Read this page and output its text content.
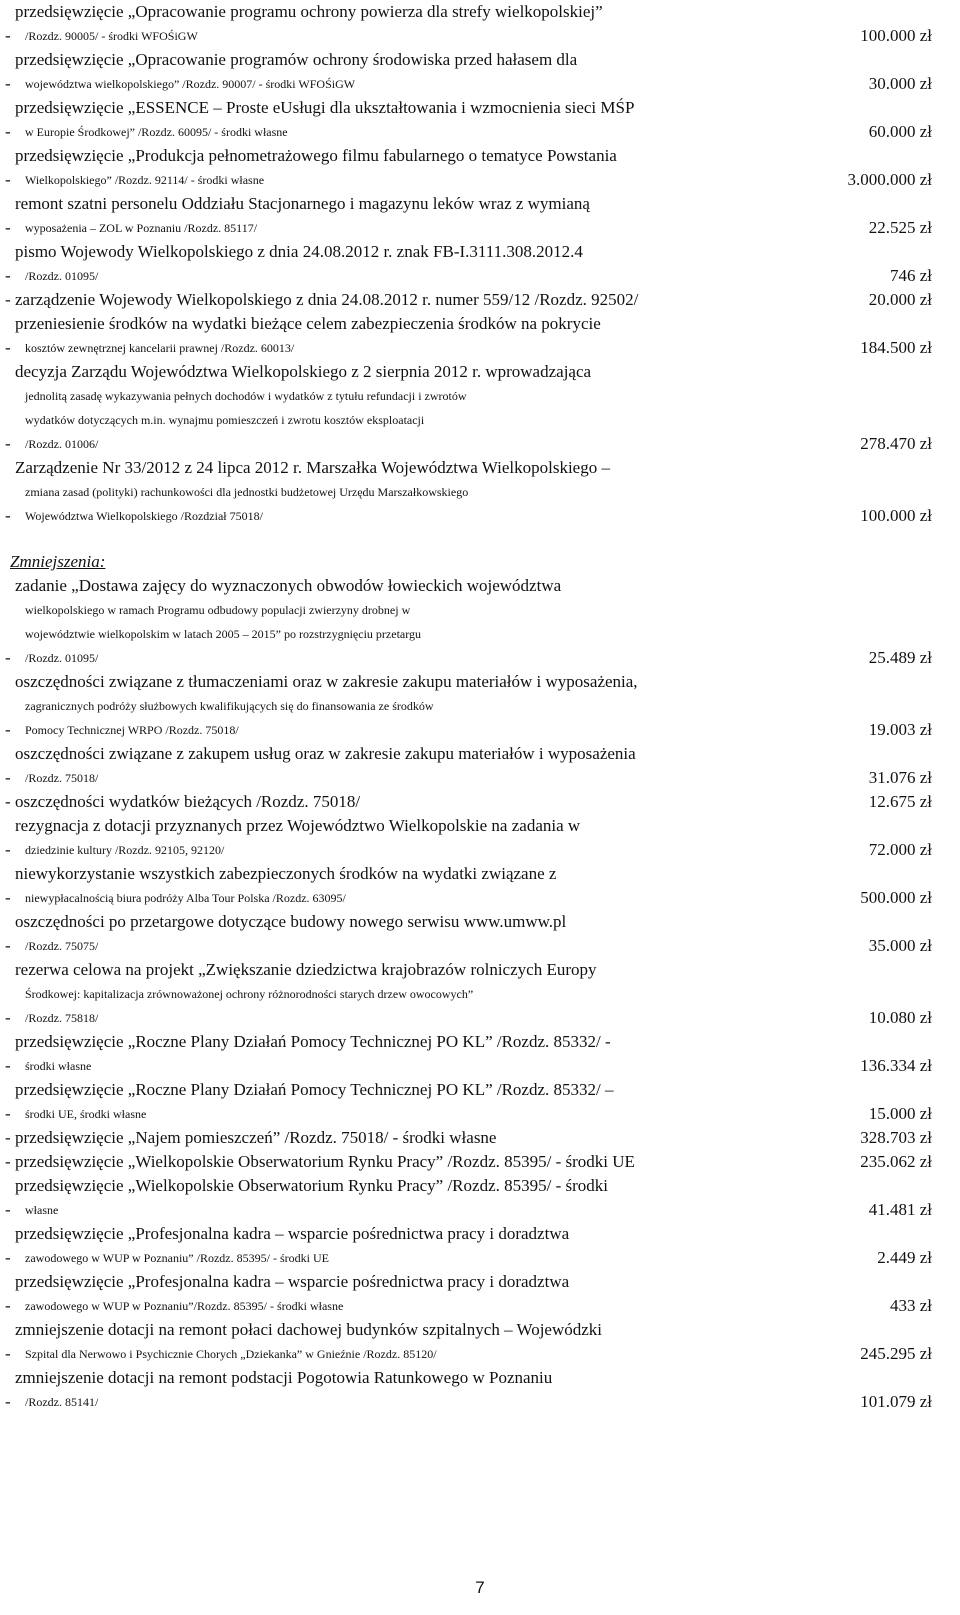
-
przedsięwzięcie „Opracowanie programu ochrony powierza dla strefy wielkopolskiej”
/Rozdz. 90005/ - środki WFOŚiGW	100.000 zł
-
przedsięwzięcie „Opracowanie programów ochrony środowiska przed hałasem dla
województwa wielkopolskiego” /Rozdz. 90007/ - środki WFOŚiGW	30.000 zł
-
przedsięwzięcie „ESSENCE – Proste eUsługi dla ukształtowania i wzmocnienia sieci MŚP
w Europie Środkowej” /Rozdz. 60095/ - środki własne	60.000 zł
-
przedsięwzięcie „Produkcja pełnometrażowego filmu fabularnego o tematyce Powstania
Wielkopolskiego” /Rozdz. 92114/ - środki własne	3.000.000 zł
-
remont szatni personelu Oddziału Stacjonarnego i magazynu leków wraz z wymianą
wyposażenia – ZOL w Poznaniu /Rozdz. 85117/	22.525 zł
-
pismo Wojewody Wielkopolskiego z dnia 24.08.2012 r. znak FB-I.3111.308.2012.4
/Rozdz. 01095/	746 zł
- zarządzenie Wojewody Wielkopolskiego z dnia 24.08.2012 r. numer 559/12 /Rozdz. 92502/	20.000 zł
-
przeniesienie środków na wydatki bieżące celem zabezpieczenia środków na pokrycie
kosztów zewnętrznej kancelarii prawnej /Rozdz. 60013/	184.500 zł
-
decyzja Zarządu Województwa Wielkopolskiego z 2 sierpnia 2012 r. wprowadzająca
jednolitą zasadę wykazywania pełnych dochodów i wydatków z tytułu refundacji i zwrotów
wydatków dotyczących m.in. wynajmu pomieszczeń i zwrotu kosztów eksploatacji
/Rozdz. 01006/	278.470 zł
-
Zarządzenie Nr 33/2012 z 24 lipca 2012 r. Marszałka Województwa Wielkopolskiego –
zmiana zasad (polityki) rachunkowości dla jednostki budżetowej Urzędu Marszałkowskiego
Województwa Wielkopolskiego /Rozdział 75018/	100.000 zł
Zmniejszenia:
-
zadanie „Dostawa zajęcy do wyznaczonych obwodów łowieckich województwa
wielkopolskiego w ramach Programu odbudowy populacji zwierzyny drobnej w
województwie wielkopolskim w latach 2005 – 2015” po rozstrzygnięciu przetargu
/Rozdz. 01095/	25.489 zł
-
oszczędności związane z tłumaczeniami oraz w zakresie zakupu materiałów i wyposażenia,
zagranicznych podróży służbowych kwalifikujących się do finansowania ze środków
Pomocy Technicznej WRPO /Rozdz. 75018/	19.003 zł
-
oszczędności związane z zakupem usług oraz w zakresie zakupu materiałów i wyposażenia
/Rozdz. 75018/	31.076 zł
- oszczędności wydatków bieżących /Rozdz. 75018/	12.675 zł
-
rezygnacja z dotacji przyznanych przez Województwo Wielkopolskie na zadania w
dziedzinie kultury /Rozdz. 92105, 92120/	72.000 zł
-
niewykorzystanie wszystkich zabezpieczonych środków na wydatki związane z
niewypłacalnością biura podróży Alba Tour Polska /Rozdz. 63095/	500.000 zł
-
oszczędności po przetargowe dotyczące budowy nowego serwisu www.umww.pl
/Rozdz. 75075/	35.000 zł
-
rezerwa celowa na projekt „Zwiększanie dziedzictwa krajobrazów rolniczych Europy
Środkowej: kapitalizacja zrównoważonej ochrony różnorodności starych drzew owocowych”
/Rozdz. 75818/	10.080 zł
-
przedsięwzięcie „Roczne Plany Działań Pomocy Technicznej PO KL” /Rozdz. 85332/ -
środki własne	136.334 zł
-
przedsięwzięcie „Roczne Plany Działań Pomocy Technicznej PO KL” /Rozdz. 85332/ –
środki UE, środki własne	15.000 zł
- przedsięwzięcie „Najem pomieszczeń” /Rozdz. 75018/ - środki własne	328.703 zł
- przedsięwzięcie „Wielkopolskie Obserwatorium Rynku Pracy” /Rozdz. 85395/ - środki UE	235.062 zł
-
przedsięwzięcie „Wielkopolskie Obserwatorium Rynku Pracy” /Rozdz. 85395/ - środki
własne	41.481 zł
-
przedsięwzięcie „Profesjonalna kadra – wsparcie pośrednictwa pracy i doradztwa
zawodowego w WUP w Poznaniu” /Rozdz. 85395/ - środki UE	2.449 zł
-
przedsięwzięcie „Profesjonalna kadra – wsparcie pośrednictwa pracy i doradztwa
zawodowego w WUP w Poznaniu”/Rozdz. 85395/ - środki własne	433 zł
-
zmniejszenie dotacji na remont połaci dachowej budynków szpitalnych – Wojewódzki
Szpital dla Nerwowo i Psychicznie Chorych „Dziekanka” w Gnieźnie /Rozdz. 85120/	245.295 zł
-
zmniejszenie dotacji na remont podstacji Pogotowia Ratunkowego w Poznaniu
/Rozdz. 85141/	101.079 zł
7
